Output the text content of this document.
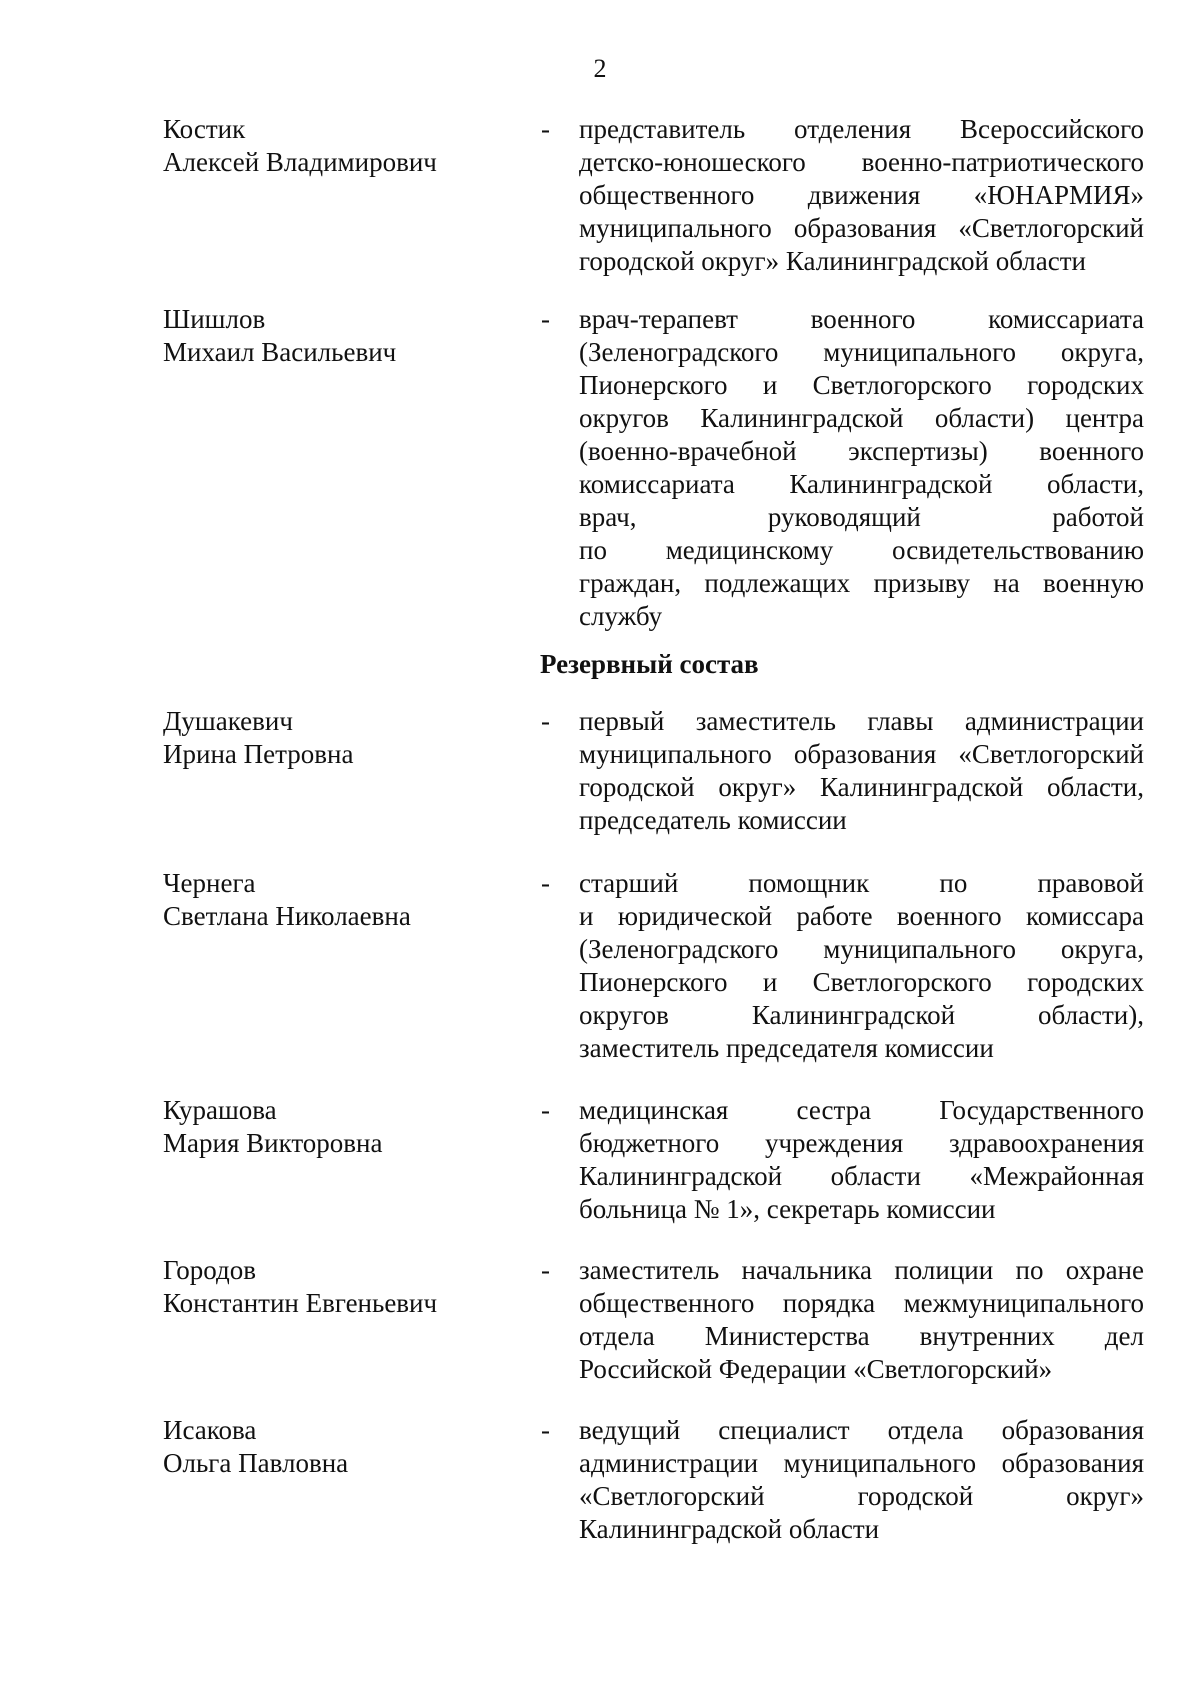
2
Костик
Алексей Владимирович
- представитель отделения Всероссийского
детско-юношеского военно-патриотического
общественного движения «ЮНАРМИЯ»
муниципального образования «Светлогорский
городской округ» Калининградской области
Шишлов
Михаил Васильевич
- врач-терапевт военного комиссариата
(Зеленоградского муниципального округа,
Пионерского и Светлогорского городских
округов Калининградской области) центра
(военно-врачебной экспертизы) военного
комиссариата Калининградской области,
врач, руководящий работой
по медицинскому освидетельствованию
граждан, подлежащих призыву на военную
службу
Резервный состав
Душакевич
Ирина Петровна
- первый заместитель главы администрации
муниципального образования «Светлогорский
городской округ» Калининградской области,
председатель комиссии
Чернега
Светлана Николаевна
- старший помощник по правовой
и юридической работе военного комиссара
(Зеленоградского муниципального округа,
Пионерского и Светлогорского городских
округов Калининградской области),
заместитель председателя комиссии
Курашова
Мария Викторовна
- медицинская сестра Государственного
бюджетного учреждения здравоохранения
Калининградской области «Межрайонная
больница № 1», секретарь комиссии
Городов
Константин Евгеньевич
- заместитель начальника полиции по охране
общественного порядка межмуниципального
отдела Министерства внутренних дел
Российской Федерации «Светлогорский»
Исакова
Ольга Павловна
- ведущий специалист отдела образования
администрации муниципального образования
«Светлогорский городской округ»
Калининградской области
